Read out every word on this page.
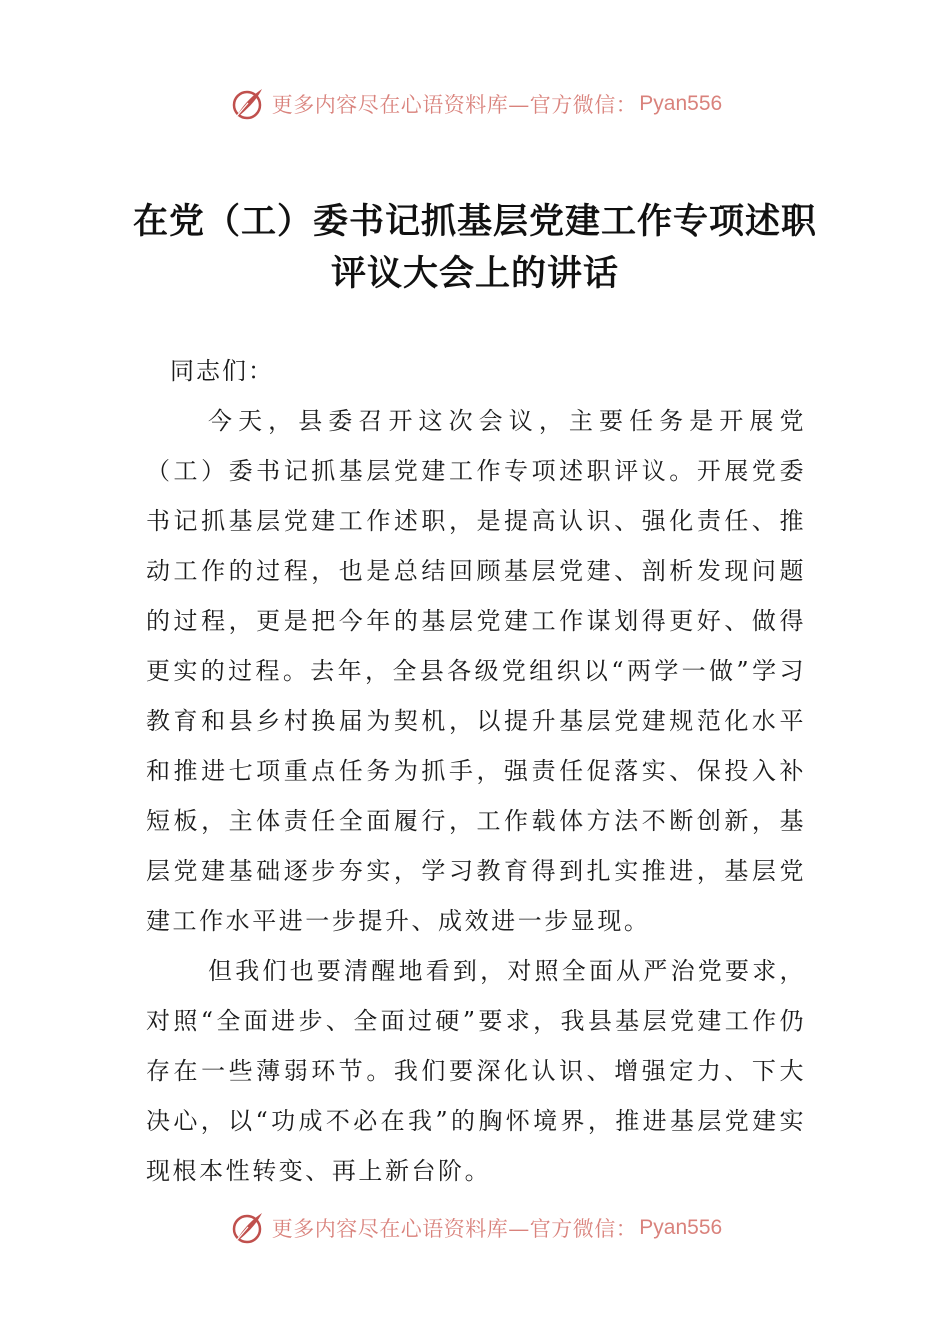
更多内容尽在心语资料库—官方微信： Pyan556
在党（工）委书记抓基层党建工作专项述职评议大会上的讲话

同志们：

今天，县委召开这次会议，主要任务是开展党（工）委书记抓基层党建工作专项述职评议。开展党委书记抓基层党建工作述职，是提高认识、强化责任、推动工作的过程，也是总结回顾基层党建、剖析发现问题的过程，更是把今年的基层党建工作谋划得更好、做得更实的过程。去年，全县各级党组织以“两学一做”学习教育和县乡村换届为契机，以提升基层党建规范化水平和推进七项重点任务为抓手，强责任促落实、保投入补短板，主体责任全面履行，工作载体方法不断创新，基层党建基础逐步夯实，学习教育得到扎实推进，基层党建工作水平进一步提升、成效进一步显现。

但我们也要清醒地看到，对照全面从严治党要求，对照“全面进步、全面过硬”要求，我县基层党建工作仍存在一些薄弱环节。我们要深化认识、增强定力、下大决心，以“功成不必在我”的胸怀境界，推进基层党建实现根本性转变、再上新台阶。

更多内容尽在心语资料库—官方微信： Pyan556
